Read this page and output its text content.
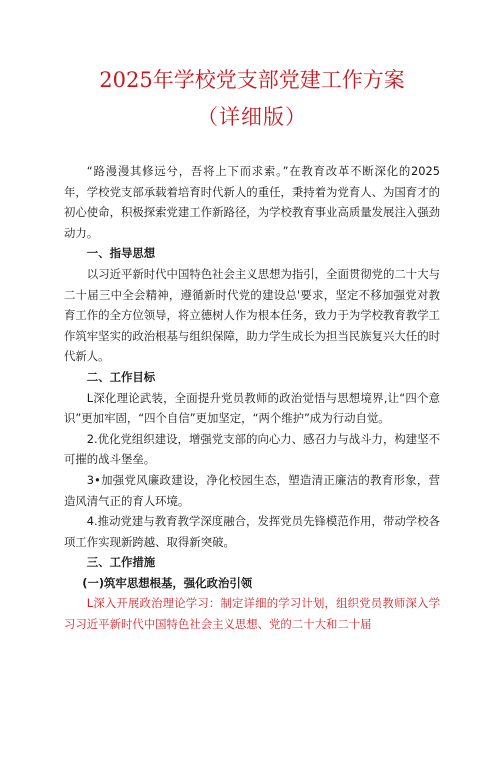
2025年学校党支部党建工作方案
（详细版）

“路漫漫其修远兮，吾将上下而求索。”在教育改革不断深化的2025年，学校党支部承载着培育时代新人的重任，秉持着为党育人、为国育才的初心使命，积极探索党建工作新路径，为学校教育事业高质量发展注入强劲动力。

一、指导思想

以习近平新时代中国特色社会主义思想为指引，全面贯彻党的二十大与二十届三中全会精神，遵循新时代党的建设总'要求，坚定不移加强党对教育工作的全方位领导，将立德树人作为根本任务，致力于为学校教育教学工作筑牢坚实的政治根基与组织保障，助力学生成长为担当民族复兴大任的时代新人。

二、工作目标

L深化理论武装，全面提升党员教师的政治觉悟与思想境界,让“四个意识”更加牢固，“四个自信”更加坚定，“两个维护”成为行动自觉。

2.优化党组织建设，增强党支部的向心力、感召力与战斗力，构建坚不可摧的战斗堡垒。

3•加强党风廉政建设，净化校园生态，塑造清正廉洁的教育形象，营造风清气正的育人环境。

4.推动党建与教育教学深度融合，发挥党员先锋模范作用，带动学校各项工作实现新跨越、取得新突破。

三、工作措施

(一)筑牢思想根基，强化政治引领

L深入开展政治理论学习：制定详细的学习计划，组织党员教师深入学习习近平新时代中国特色社会主义思想、党的二十大和二十届
